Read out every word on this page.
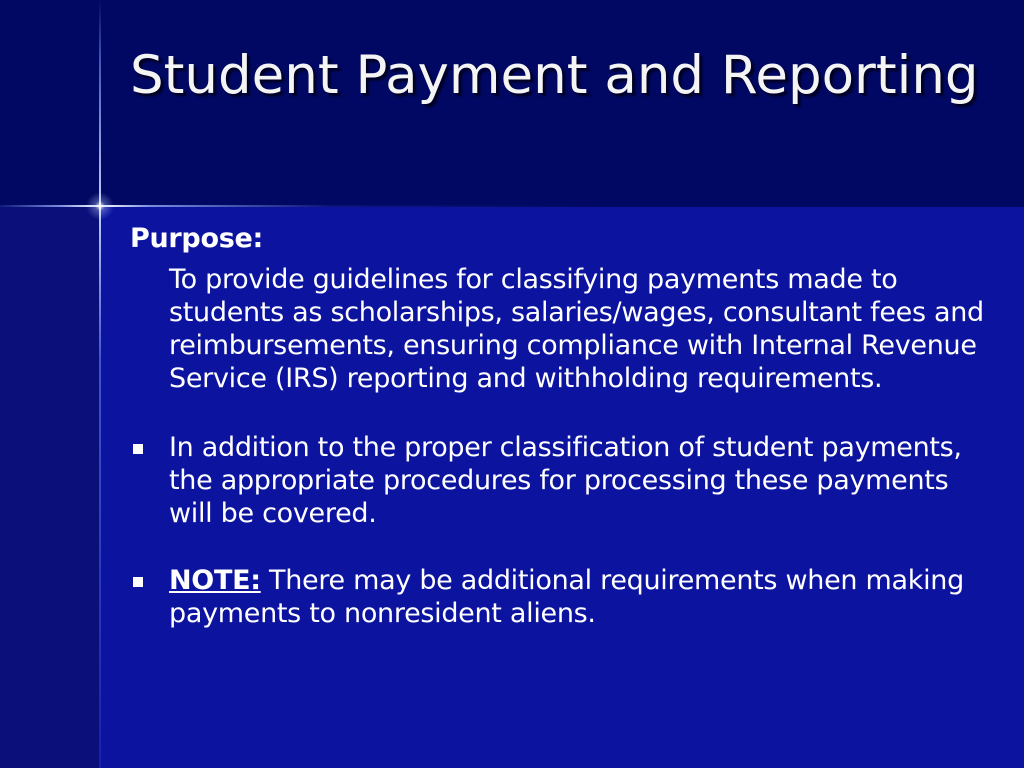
Student Payment and Reporting
Purpose:

To provide guidelines for classifying payments made to students as scholarships, salaries/wages, consultant fees and reimbursements, ensuring compliance with Internal Revenue Service (IRS) reporting and withholding requirements.

In addition to the proper classification of student payments, the appropriate procedures for processing these payments will be covered.

NOTE: There may be additional requirements when making payments to nonresident aliens.
